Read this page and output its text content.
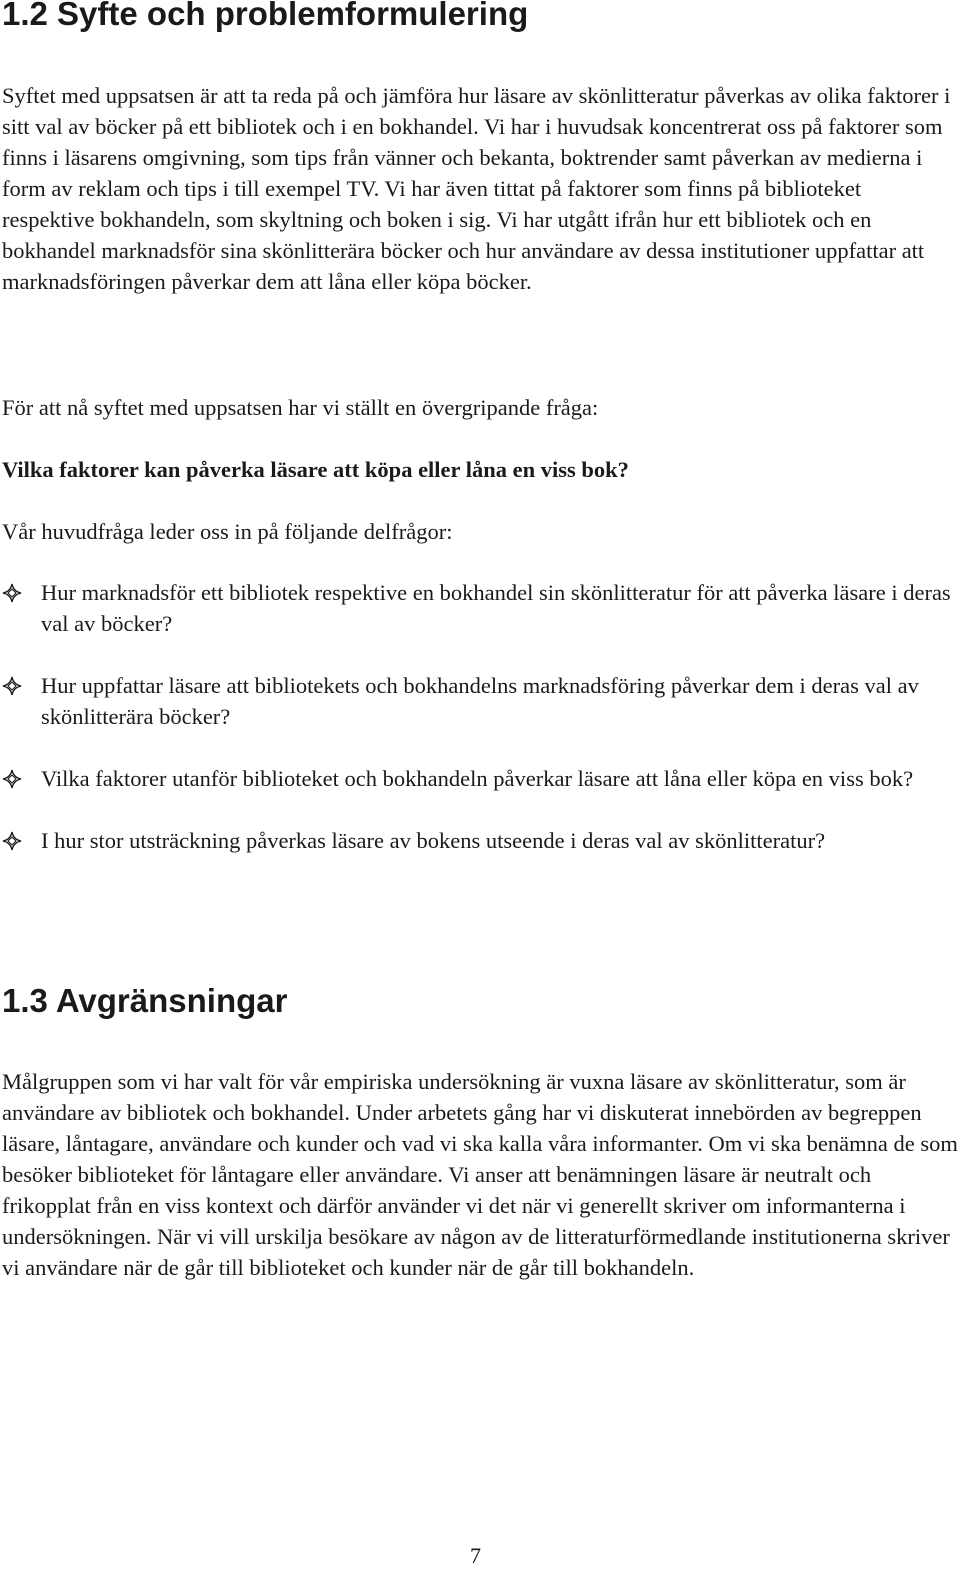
1.2 Syfte och problemformulering

Syftet med uppsatsen är att ta reda på och jämföra hur läsare av skönlitteratur påverkas av olika faktorer i sitt val av böcker på ett bibliotek och i en bokhandel. Vi har i huvudsak koncentrerat oss på faktorer som finns i läsarens omgivning, som tips från vänner och bekanta, boktrender samt påverkan av medierna i form av reklam och tips i till exempel TV. Vi har även tittat på faktorer som finns på biblioteket respektive bokhandeln, som skyltning och boken i sig. Vi har utgått ifrån hur ett bibliotek och en bokhandel marknadsför sina skönlitterära böcker och hur användare av dessa institutioner uppfattar att marknadsföringen påverkar dem att låna eller köpa böcker.

För att nå syftet med uppsatsen har vi ställt en övergripande fråga:

Vilka faktorer kan påverka läsare att köpa eller låna en viss bok?

Vår huvudfråga leder oss in på följande delfrågor:

Hur marknadsför ett bibliotek respektive en bokhandel sin skönlitteratur för att påverka läsare i deras val av böcker?
Hur uppfattar läsare att bibliotekets och bokhandelns marknadsföring påverkar dem i deras val av skönlitterära böcker?
Vilka faktorer utanför biblioteket och bokhandeln påverkar läsare att låna eller köpa en viss bok?
I hur stor utsträckning påverkas läsare av bokens utseende i deras val av skönlitteratur?
1.3 Avgränsningar

Målgruppen som vi har valt för vår empiriska undersökning är vuxna läsare av skönlitteratur, som är användare av bibliotek och bokhandel. Under arbetets gång har vi diskuterat innebörden av begreppen läsare, låntagare, användare och kunder och vad vi ska kalla våra informanter. Om vi ska benämna de som besöker biblioteket för låntagare eller användare. Vi anser att benämningen läsare är neutralt och frikopplat från en viss kontext och därför använder vi det när vi generellt skriver om informanterna i undersökningen. När vi vill urskilja besökare av någon av de litteraturförmedlande institutionerna skriver vi användare när de går till biblioteket och kunder när de går till bokhandeln.

7
